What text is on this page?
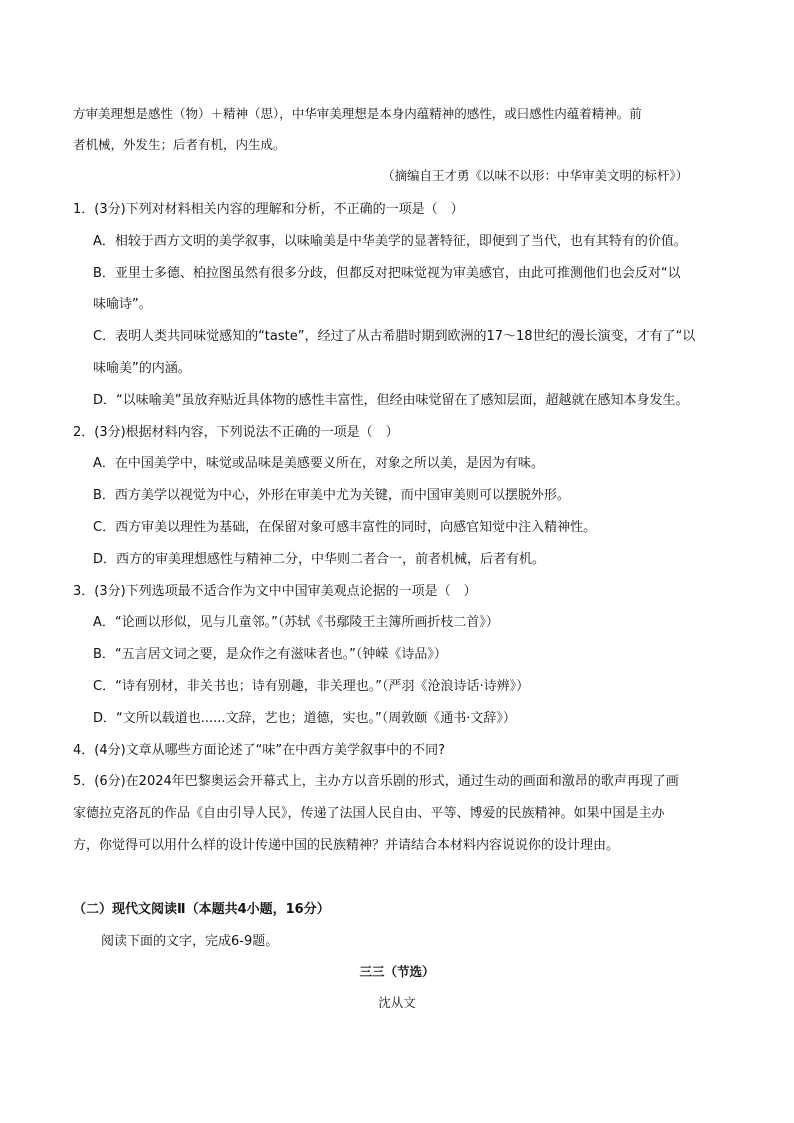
方审美理想是感性（物）＋精神（思），中华审美理想是本身内蕴精神的感性，或曰感性内蕴着精神。前
者机械，外发生；后者有机，内生成。
（摘编自王才勇《以味不以形：中华审美文明的标杆》）
1．(3分)下列对材料相关内容的理解和分析，不正确的一项是（　）
A．相较于西方文明的美学叙事，以味喻美是中华美学的显著特征，即便到了当代，也有其特有的价值。
B．亚里士多德、柏拉图虽然有很多分歧，但都反对把味觉视为审美感官，由此可推测他们也会反对“以
味喻诗”。
C．表明人类共同味觉感知的“taste”，经过了从古希腊时期到欧洲的17～18世纪的漫长演变，才有了“以
味喻美”的内涵。
D．“以味喻美”虽放弃贴近具体物的感性丰富性，但经由味觉留在了感知层面，超越就在感知本身发生。
2．(3分)根据材料内容，下列说法不正确的一项是（　）
A．在中国美学中，味觉或品味是美感要义所在，对象之所以美，是因为有味。
B．西方美学以视觉为中心，外形在审美中尤为关键，而中国审美则可以摆脱外形。
C．西方审美以理性为基础，在保留对象可感丰富性的同时，向感官知觉中注入精神性。
D．西方的审美理想感性与精神二分，中华则二者合一，前者机械，后者有机。
3．(3分)下列选项最不适合作为文中中国审美观点论据的一项是（　）
A．“论画以形似，见与儿童邻。”（苏轼《书鄢陵王主簿所画折枝二首》）
B．“五言居文词之要，是众作之有滋味者也。”（钟嵘《诗品》）
C．“诗有别材，非关书也；诗有别趣，非关理也。”（严羽《沧浪诗话·诗辨》）
D．“文所以载道也......文辞，艺也；道德，实也。”（周敦颐《通书·文辞》）
4．(4分)文章从哪些方面论述了“味”在中西方美学叙事中的不同?
5．(6分)在2024年巴黎奥运会开幕式上，主办方以音乐剧的形式，通过生动的画面和激昂的歌声再现了画
家德拉克洛瓦的作品《自由引导人民》，传递了法国人民自由、平等、博爱的民族精神。如果中国是主办
方，你觉得可以用什么样的设计传递中国的民族精神？并请结合本材料内容说说你的设计理由。
（二）现代文阅读Ⅱ（本题共4小题，16分）
阅读下面的文字，完成6-9题。
三三（节选）
沈从文
